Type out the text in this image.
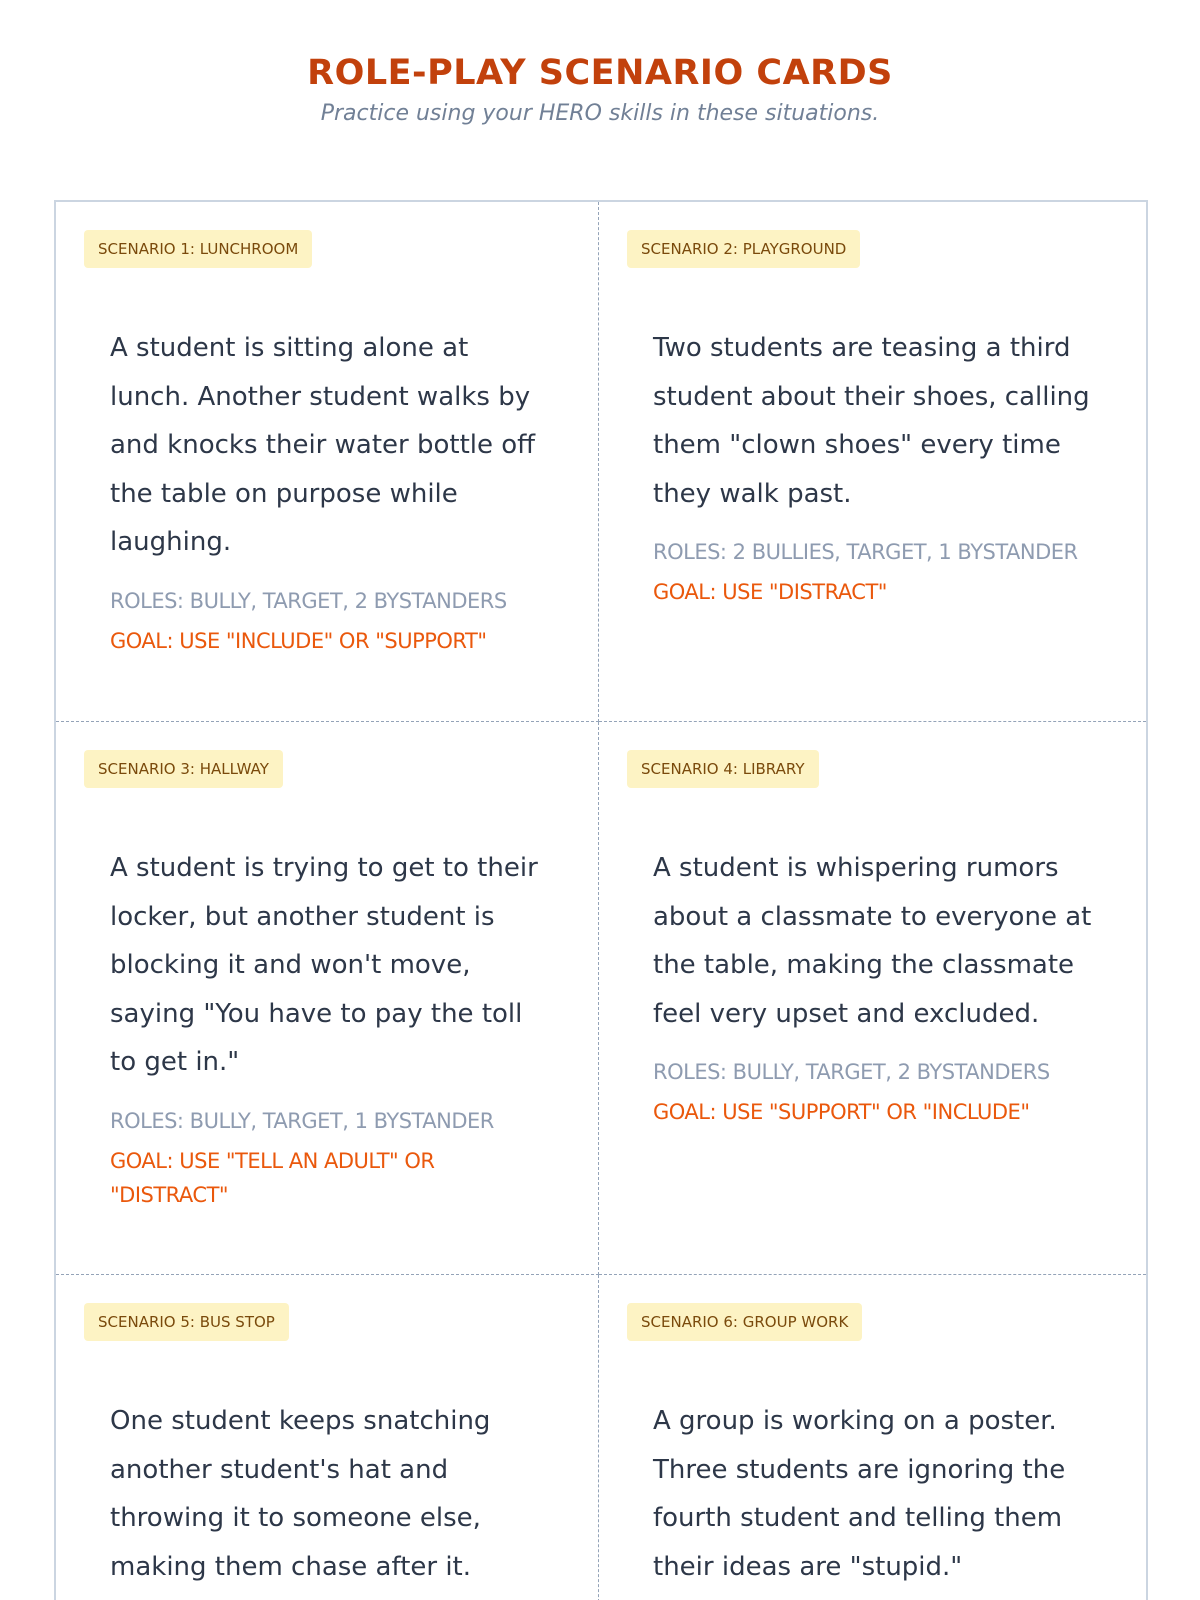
ROLE-PLAY SCENARIO CARDS
Practice using your HERO skills in these situations.
SCENARIO 1: LUNCHROOM

A student is sitting alone at lunch. Another student walks by and knocks their water bottle off the table on purpose while laughing.

ROLES: BULLY, TARGET, 2 BYSTANDERS
GOAL: USE "INCLUDE" OR "SUPPORT"
SCENARIO 2: PLAYGROUND

Two students are teasing a third student about their shoes, calling them "clown shoes" every time they walk past.

ROLES: 2 BULLIES, TARGET, 1 BYSTANDER
GOAL: USE "DISTRACT"
SCENARIO 3: HALLWAY

A student is trying to get to their locker, but another student is blocking it and won't move, saying "You have to pay the toll to get in."

ROLES: BULLY, TARGET, 1 BYSTANDER
GOAL: USE "TELL AN ADULT" OR "DISTRACT"
SCENARIO 4: LIBRARY

A student is whispering rumors about a classmate to everyone at the table, making the classmate feel very upset and excluded.

ROLES: BULLY, TARGET, 2 BYSTANDERS
GOAL: USE "SUPPORT" OR "INCLUDE"
SCENARIO 5: BUS STOP

One student keeps snatching another student's hat and throwing it to someone else, making them chase after it.

SCENARIO 6: GROUP WORK

A group is working on a poster. Three students are ignoring the fourth student and telling them their ideas are "stupid."
